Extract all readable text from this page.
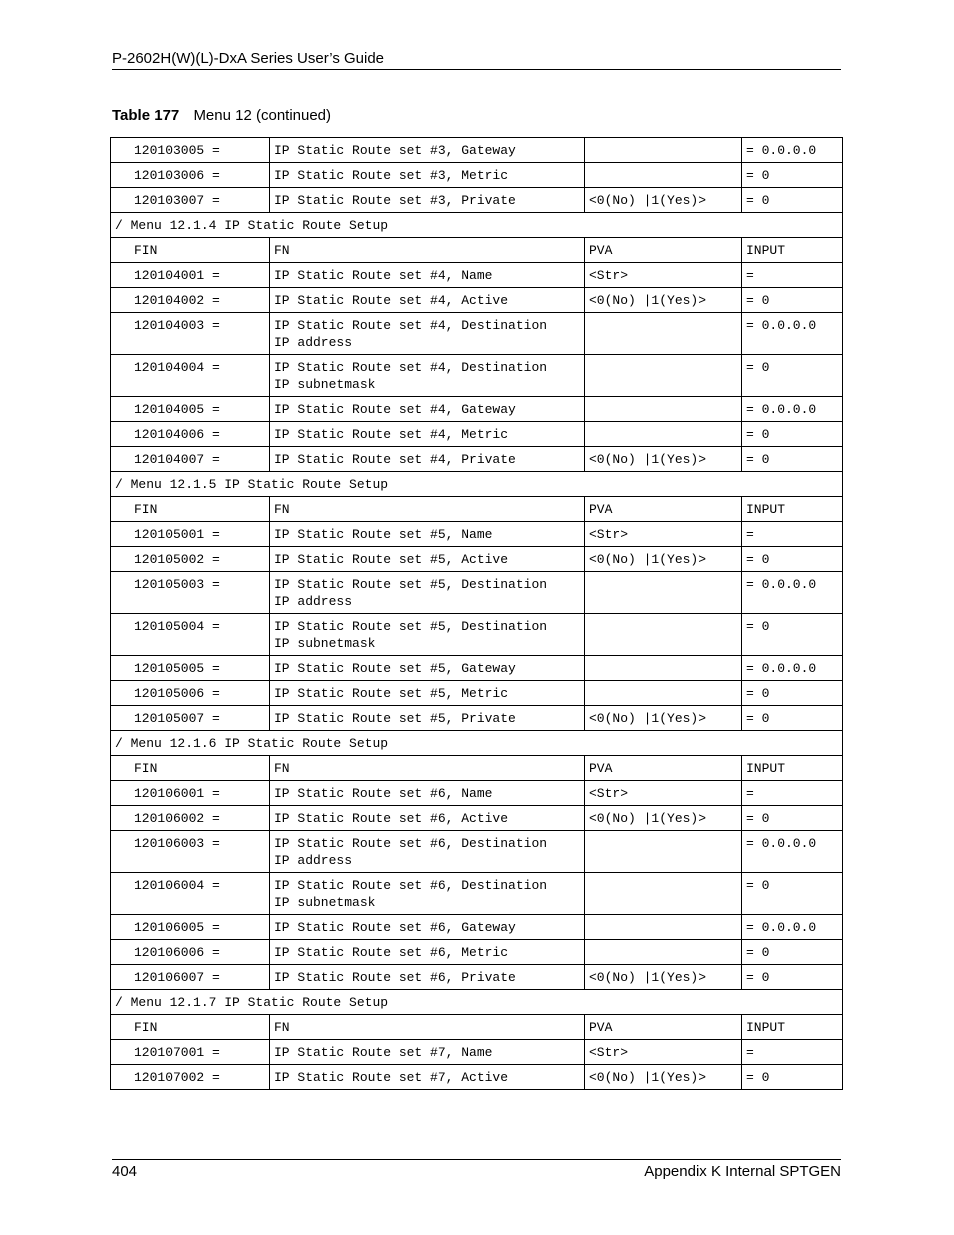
P-2602H(W)(L)-DxA Series User’s Guide
Table 177 Menu 12 (continued)
120103005 =	IP Static Route set #3, Gateway		= 0.0.0.0
120103006 =	IP Static Route set #3, Metric		= 0
120103007 =	IP Static Route set #3, Private	<0(No) |1(Yes)>	= 0
/ Menu 12.1.4 IP Static Route Setup			
FIN	FN	PVA	INPUT
120104001 =	IP Static Route set #4, Name	<Str>	=
120104002 =	IP Static Route set #4, Active	<0(No) |1(Yes)>	= 0
120104003 =	IP Static Route set #4, Destination
IP address		= 0.0.0.0
120104004 =	IP Static Route set #4, Destination
IP subnetmask		= 0
120104005 =	IP Static Route set #4, Gateway		= 0.0.0.0
120104006 =	IP Static Route set #4, Metric		= 0
120104007 =	IP Static Route set #4, Private	<0(No) |1(Yes)>	= 0
/ Menu 12.1.5 IP Static Route Setup			
FIN	FN	PVA	INPUT
120105001 =	IP Static Route set #5, Name	<Str>	=
120105002 =	IP Static Route set #5, Active	<0(No) |1(Yes)>	= 0
120105003 =	IP Static Route set #5, Destination
IP address		= 0.0.0.0
120105004 =	IP Static Route set #5, Destination
IP subnetmask		= 0
120105005 =	IP Static Route set #5, Gateway		= 0.0.0.0
120105006 =	IP Static Route set #5, Metric		= 0
120105007 =	IP Static Route set #5, Private	<0(No) |1(Yes)>	= 0
/ Menu 12.1.6 IP Static Route Setup			
FIN	FN	PVA	INPUT
120106001 =	IP Static Route set #6, Name	<Str>	=
120106002 =	IP Static Route set #6, Active	<0(No) |1(Yes)>	= 0
120106003 =	IP Static Route set #6, Destination
IP address		= 0.0.0.0
120106004 =	IP Static Route set #6, Destination
IP subnetmask		= 0
120106005 =	IP Static Route set #6, Gateway		= 0.0.0.0
120106006 =	IP Static Route set #6, Metric		= 0
120106007 =	IP Static Route set #6, Private	<0(No) |1(Yes)>	= 0
/ Menu 12.1.7 IP Static Route Setup			
FIN	FN	PVA	INPUT
120107001 =	IP Static Route set #7, Name	<Str>	=
120107002 =	IP Static Route set #7, Active	<0(No) |1(Yes)>	= 0
404	Appendix K Internal SPTGEN
